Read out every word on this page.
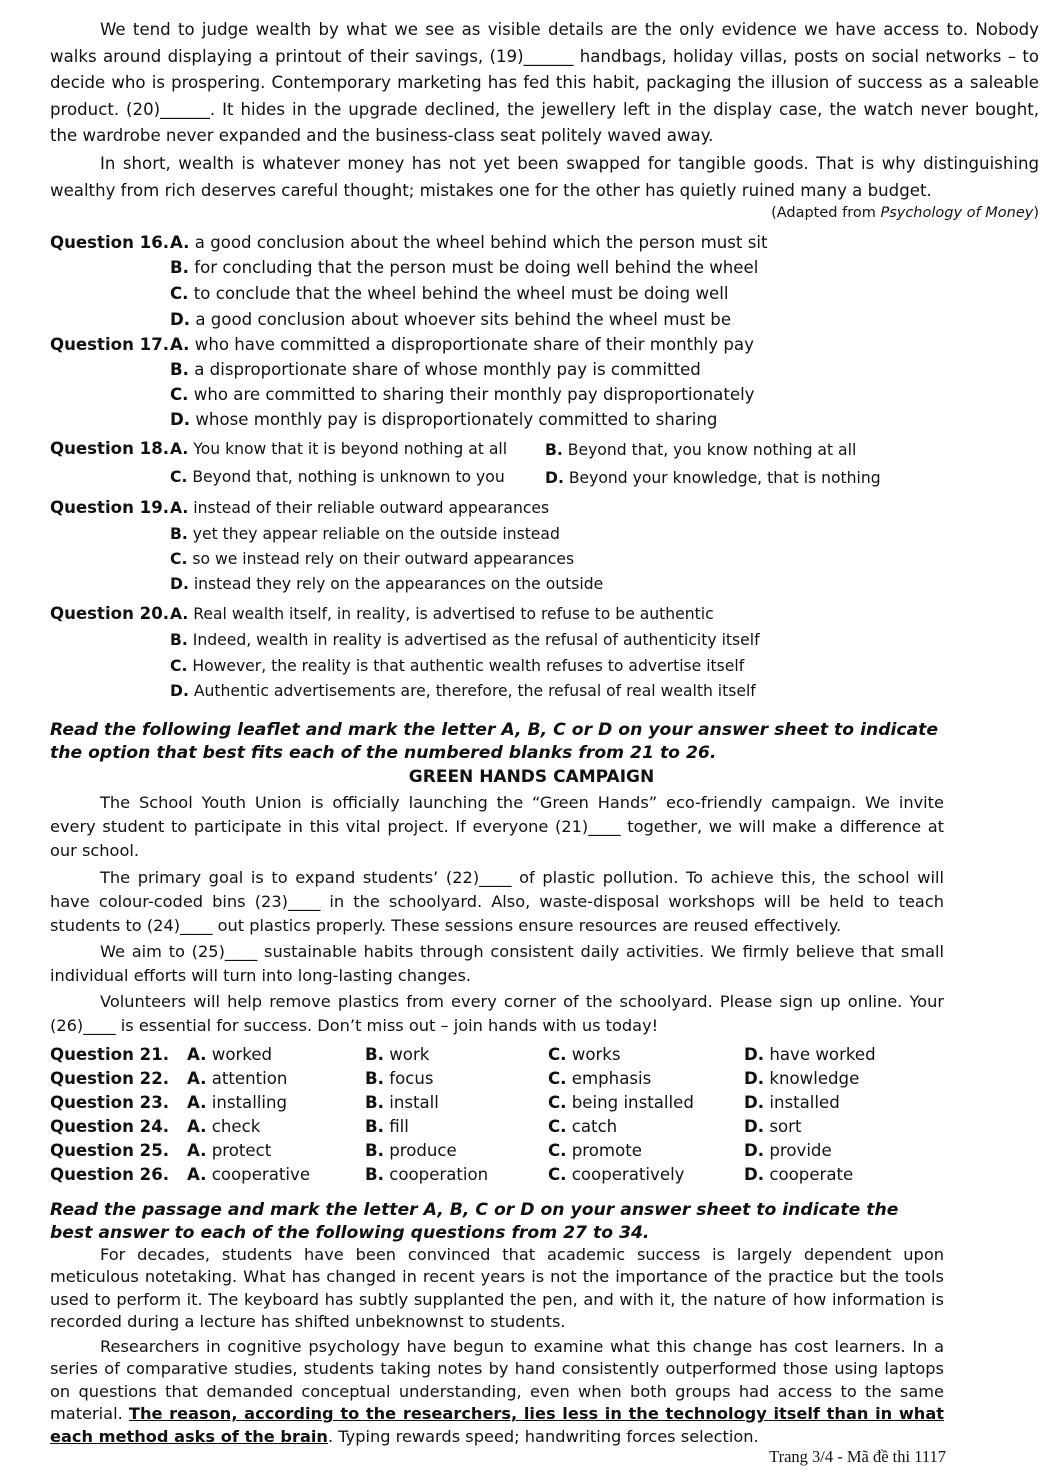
We tend to judge wealth by what we see as visible details are the only evidence we have access to. Nobody walks around displaying a printout of their savings, (19)______ handbags, holiday villas, posts on social networks – to decide who is prospering. Contemporary marketing has fed this habit, packaging the illusion of success as a saleable product. (20)______. It hides in the upgrade declined, the jewellery left in the display case, the watch never bought, the wardrobe never expanded and the business-class seat politely waved away.

In short, wealth is whatever money has not yet been swapped for tangible goods. That is why distinguishing wealthy from rich deserves careful thought; mistakes one for the other has quietly ruined many a budget.

(Adapted from Psychology of Money)
Question 16. A. a good conclusion about the wheel behind which the person must sit
B. for concluding that the person must be doing well behind the wheel
C. to conclude that the wheel behind the wheel must be doing well
D. a good conclusion about whoever sits behind the wheel must be
Question 17. A. who have committed a disproportionate share of their monthly pay
B. a disproportionate share of whose monthly pay is committed
C. who are committed to sharing their monthly pay disproportionately
D. whose monthly pay is disproportionately committed to sharing
Question 18. A. You know that it is beyond nothing at all B. Beyond that, you know nothing at all
C. Beyond that, nothing is unknown to you	D. Beyond your knowledge, that is nothing
Question 19. A. instead of their reliable outward appearances
B. yet they appear reliable on the outside instead
C. so we instead rely on their outward appearances
D. instead they rely on the appearances on the outside
Question 20. A. Real wealth itself, in reality, is advertised to refuse to be authentic
B. Indeed, wealth in reality is advertised as the refusal of authenticity itself
C. However, the reality is that authentic wealth refuses to advertise itself
D. Authentic advertisements are, therefore, the refusal of real wealth itself

Read the following leaflet and mark the letter A, B, C or D on your answer sheet to indicate the option that best fits each of the numbered blanks from 21 to 26.

GREEN HANDS CAMPAIGN

The School Youth Union is officially launching the “Green Hands” eco-friendly campaign. We invite every student to participate in this vital project. If everyone (21)____ together, we will make a difference at our school.

The primary goal is to expand students’ (22)____ of plastic pollution. To achieve this, the school will have colour-coded bins (23)____ in the schoolyard. Also, waste-disposal workshops will be held to teach students to (24)____ out plastics properly. These sessions ensure resources are reused effectively.

We aim to (25)____ sustainable habits through consistent daily activities. We firmly believe that small individual efforts will turn into long-lasting changes.

Volunteers will help remove plastics from every corner of the schoolyard. Please sign up online. Your (26)____ is essential for success. Don’t miss out – join hands with us today!

Question 21. A. worked	B. work	C. works	D. have worked
Question 22. A. attention	B. focus	C. emphasis	D. knowledge
Question 23. A. installing	B. install	C. being installed	D. installed
Question 24. A. check	B. fill	C. catch	D. sort
Question 25. A. protect	B. produce	C. promote	D. provide
Question 26. A. cooperative	B. cooperation	C. cooperatively	D. cooperate

Read the passage and mark the letter A, B, C or D on your answer sheet to indicate the best answer to each of the following questions from 27 to 34.

For decades, students have been convinced that academic success is largely dependent upon meticulous notetaking. What has changed in recent years is not the importance of the practice but the tools used to perform it. The keyboard has subtly supplanted the pen, and with it, the nature of how information is recorded during a lecture has shifted unbeknownst to students.

Researchers in cognitive psychology have begun to examine what this change has cost learners. In a series of comparative studies, students taking notes by hand consistently outperformed those using laptops on questions that demanded conceptual understanding, even when both groups had access to the same material. The reason, according to the researchers, lies less in the technology itself than in what each method asks of the brain. Typing rewards speed; handwriting forces selection.

Trang 3/4 - Mã đề thi 1117
